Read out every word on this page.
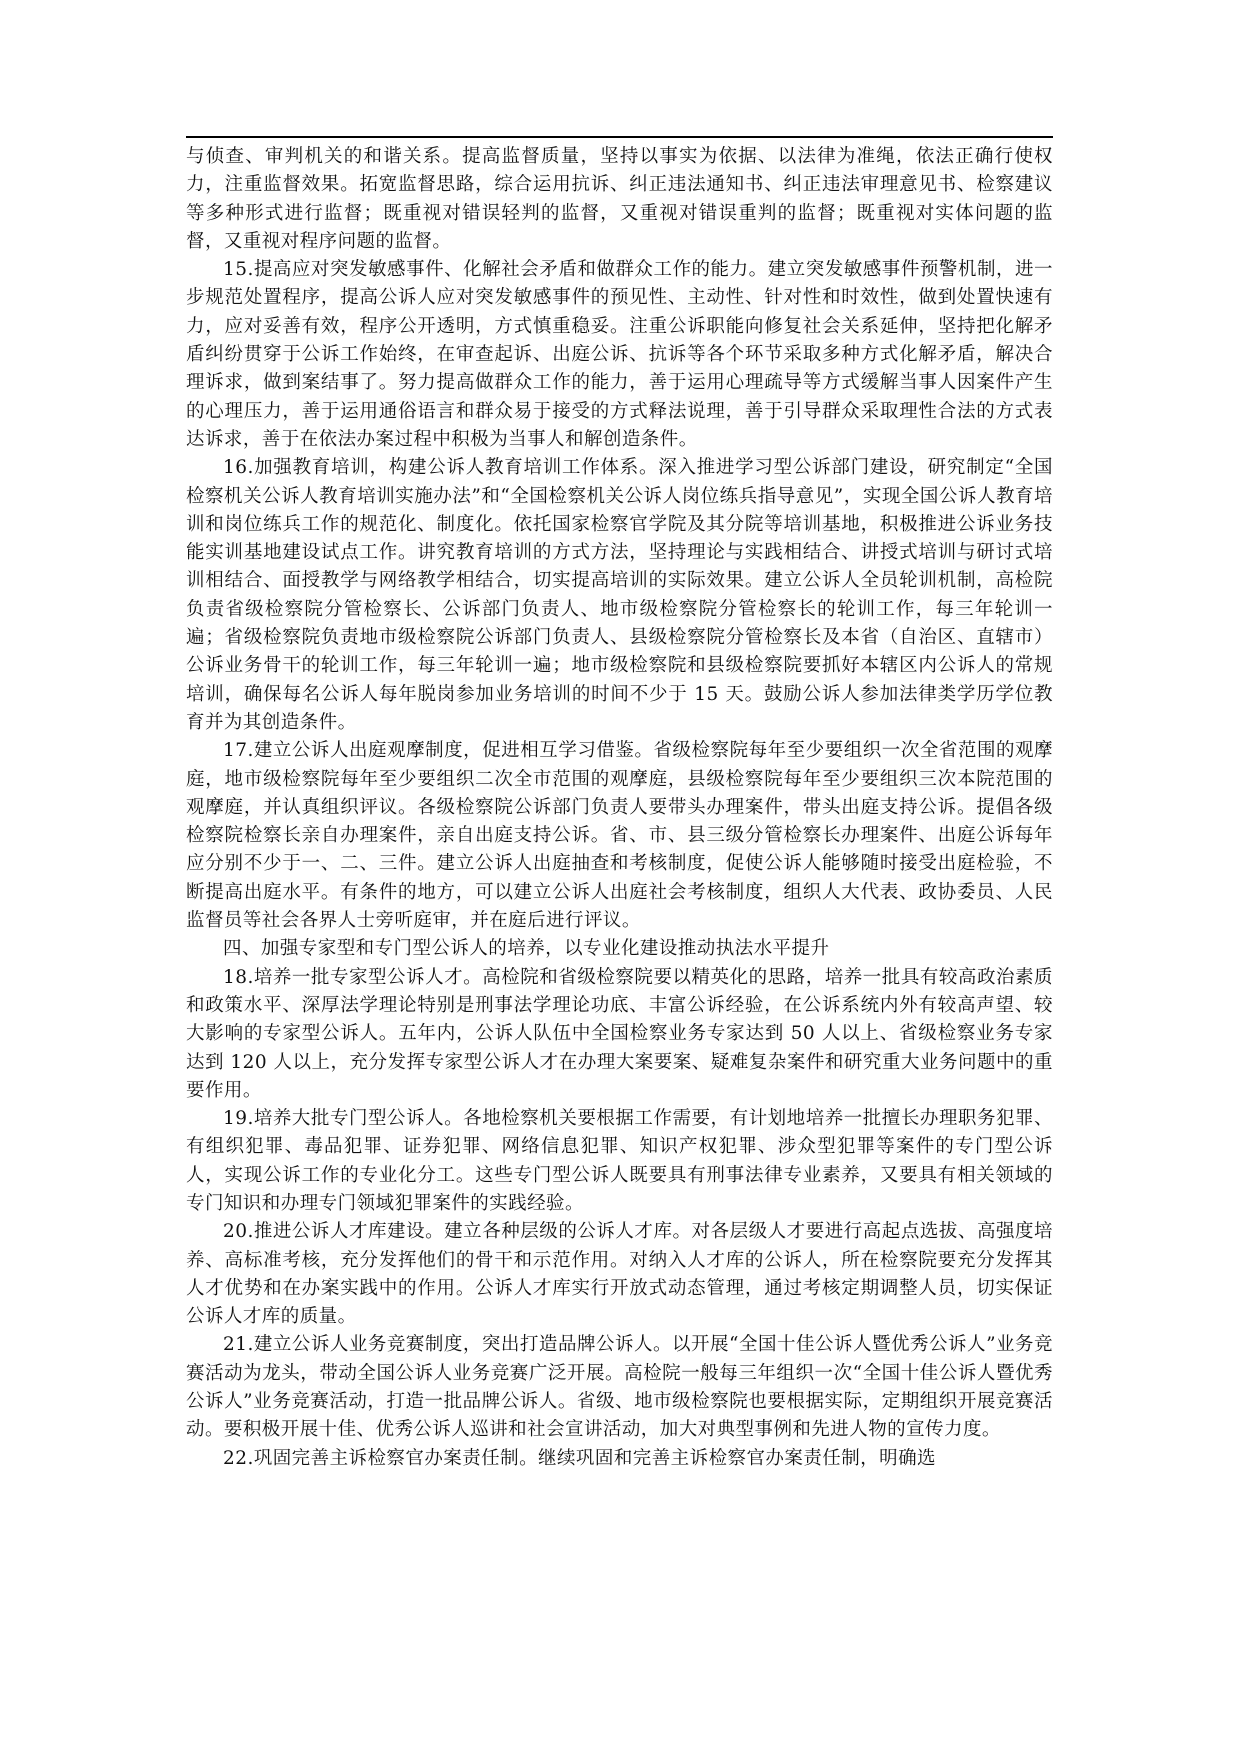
与侦查、审判机关的和谐关系。提高监督质量，坚持以事实为依据、以法律为准绳，依法正确行使权力，注重监督效果。拓宽监督思路，综合运用抗诉、纠正违法通知书、纠正违法审理意见书、检察建议等多种形式进行监督；既重视对错误轻判的监督，又重视对错误重判的监督；既重视对实体问题的监督，又重视对程序问题的监督。

15.提高应对突发敏感事件、化解社会矛盾和做群众工作的能力。建立突发敏感事件预警机制，进一步规范处置程序，提高公诉人应对突发敏感事件的预见性、主动性、针对性和时效性，做到处置快速有力，应对妥善有效，程序公开透明，方式慎重稳妥。注重公诉职能向修复社会关系延伸，坚持把化解矛盾纠纷贯穿于公诉工作始终，在审查起诉、出庭公诉、抗诉等各个环节采取多种方式化解矛盾，解决合理诉求，做到案结事了。努力提高做群众工作的能力，善于运用心理疏导等方式缓解当事人因案件产生的心理压力，善于运用通俗语言和群众易于接受的方式释法说理，善于引导群众采取理性合法的方式表达诉求，善于在依法办案过程中积极为当事人和解创造条件。

16.加强教育培训，构建公诉人教育培训工作体系。深入推进学习型公诉部门建设，研究制定“全国检察机关公诉人教育培训实施办法”和“全国检察机关公诉人岗位练兵指导意见”，实现全国公诉人教育培训和岗位练兵工作的规范化、制度化。依托国家检察官学院及其分院等培训基地，积极推进公诉业务技能实训基地建设试点工作。讲究教育培训的方式方法，坚持理论与实践相结合、讲授式培训与研讨式培训相结合、面授教学与网络教学相结合，切实提高培训的实际效果。建立公诉人全员轮训机制，高检院负责省级检察院分管检察长、公诉部门负责人、地市级检察院分管检察长的轮训工作，每三年轮训一遍；省级检察院负责地市级检察院公诉部门负责人、县级检察院分管检察长及本省（自治区、直辖市）公诉业务骨干的轮训工作，每三年轮训一遍；地市级检察院和县级检察院要抓好本辖区内公诉人的常规培训，确保每名公诉人每年脱岗参加业务培训的时间不少于 15 天。鼓励公诉人参加法律类学历学位教育并为其创造条件。

17.建立公诉人出庭观摩制度，促进相互学习借鉴。省级检察院每年至少要组织一次全省范围的观摩庭，地市级检察院每年至少要组织二次全市范围的观摩庭，县级检察院每年至少要组织三次本院范围的观摩庭，并认真组织评议。各级检察院公诉部门负责人要带头办理案件，带头出庭支持公诉。提倡各级检察院检察长亲自办理案件，亲自出庭支持公诉。省、市、县三级分管检察长办理案件、出庭公诉每年应分别不少于一、二、三件。建立公诉人出庭抽查和考核制度，促使公诉人能够随时接受出庭检验，不断提高出庭水平。有条件的地方，可以建立公诉人出庭社会考核制度，组织人大代表、政协委员、人民监督员等社会各界人士旁听庭审，并在庭后进行评议。

四、加强专家型和专门型公诉人的培养，以专业化建设推动执法水平提升

18.培养一批专家型公诉人才。高检院和省级检察院要以精英化的思路，培养一批具有较高政治素质和政策水平、深厚法学理论特别是刑事法学理论功底、丰富公诉经验，在公诉系统内外有较高声望、较大影响的专家型公诉人。五年内，公诉人队伍中全国检察业务专家达到 50 人以上、省级检察业务专家达到 120 人以上，充分发挥专家型公诉人才在办理大案要案、疑难复杂案件和研究重大业务问题中的重要作用。

19.培养大批专门型公诉人。各地检察机关要根据工作需要，有计划地培养一批擅长办理职务犯罪、有组织犯罪、毒品犯罪、证券犯罪、网络信息犯罪、知识产权犯罪、涉众型犯罪等案件的专门型公诉人，实现公诉工作的专业化分工。这些专门型公诉人既要具有刑事法律专业素养，又要具有相关领域的专门知识和办理专门领域犯罪案件的实践经验。

20.推进公诉人才库建设。建立各种层级的公诉人才库。对各层级人才要进行高起点选拔、高强度培养、高标准考核，充分发挥他们的骨干和示范作用。对纳入人才库的公诉人，所在检察院要充分发挥其人才优势和在办案实践中的作用。公诉人才库实行开放式动态管理，通过考核定期调整人员，切实保证公诉人才库的质量。

21.建立公诉人业务竞赛制度，突出打造品牌公诉人。以开展“全国十佳公诉人暨优秀公诉人”业务竞赛活动为龙头，带动全国公诉人业务竞赛广泛开展。高检院一般每三年组织一次“全国十佳公诉人暨优秀公诉人”业务竞赛活动，打造一批品牌公诉人。省级、地市级检察院也要根据实际，定期组织开展竞赛活动。要积极开展十佳、优秀公诉人巡讲和社会宣讲活动，加大对典型事例和先进人物的宣传力度。

22.巩固完善主诉检察官办案责任制。继续巩固和完善主诉检察官办案责任制，明确选
